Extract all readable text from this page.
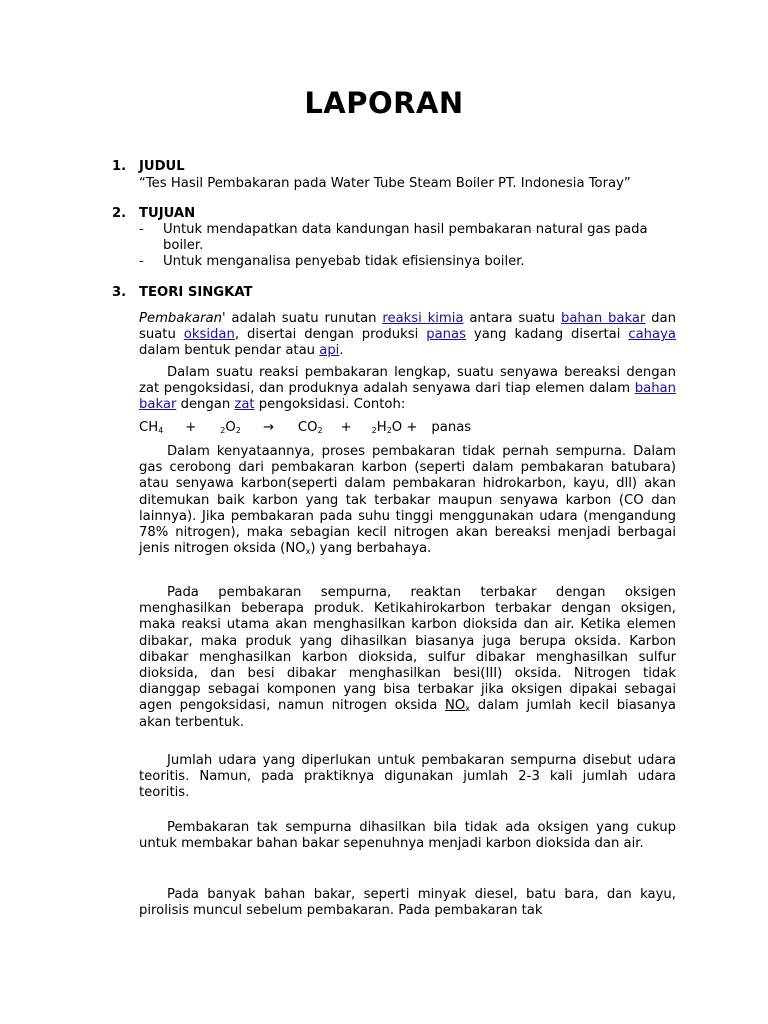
LAPORAN
1. JUDUL
“Tes Hasil Pembakaran pada Water Tube Steam Boiler PT. Indonesia Toray”
2. TUJUAN
- Untuk mendapatkan data kandungan hasil pembakaran natural gas pada boiler.
- Untuk menganalisa penyebab tidak efisiensinya boiler.
3. TEORI SINGKAT

Pembakaran' adalah suatu runutan reaksi kimia antara suatu bahan bakar dan suatu oksidan, disertai dengan produksi panas yang kadang disertai cahaya dalam bentuk pendar atau api.

Dalam suatu reaksi pembakaran lengkap, suatu senyawa bereaksi dengan zat pengoksidasi, dan produknya adalah senyawa dari tiap elemen dalam bahan bakar dengan zat pengoksidasi. Contoh:

$CH_4$ +	$_2O_2 \to CO_2$ +	$_2H_2O$ + panas

Dalam kenyataannya, proses pembakaran tidak pernah sempurna. Dalam gas cerobong dari pembakaran karbon (seperti dalam pembakaran batubara) atau senyawa karbon(seperti dalam pembakaran hidrokarbon, kayu, dll) akan ditemukan baik karbon yang tak terbakar maupun senyawa karbon (CO dan lainnya). Jika pembakaran pada suhu tinggi menggunakan udara (mengandung 78% nitrogen), maka sebagian kecil nitrogen akan bereaksi menjadi berbagai jenis nitrogen oksida $(NO_x)$ yang berbahaya.

Pada pembakaran sempurna, reaktan terbakar dengan oksigen menghasilkan beberapa produk. Ketikahirokarbon terbakar dengan oksigen, maka reaksi utama akan menghasilkan karbon dioksida dan air. Ketika elemen dibakar, maka produk yang dihasilkan biasanya juga berupa oksida. Karbon dibakar menghasilkan karbon dioksida, sulfur dibakar menghasilkan sulfur dioksida, dan besi dibakar menghasilkan besi(III) oksida. Nitrogen tidak dianggap sebagai komponen yang bisa terbakar jika oksigen dipakai sebagai agen pengoksidasi, namun nitrogen oksida $NO_x$ dalam jumlah kecil biasanya akan terbentuk.

Jumlah udara yang diperlukan untuk pembakaran sempurna disebut udara teoritis. Namun, pada praktiknya digunakan jumlah 2-3 kali jumlah udara teoritis.

Pembakaran tak sempurna dihasilkan bila tidak ada oksigen yang cukup untuk membakar bahan bakar sepenuhnya menjadi karbon dioksida dan air.

Pada banyak bahan bakar, seperti minyak diesel, batu bara, dan kayu, pirolisis muncul sebelum pembakaran. Pada pembakaran tak
